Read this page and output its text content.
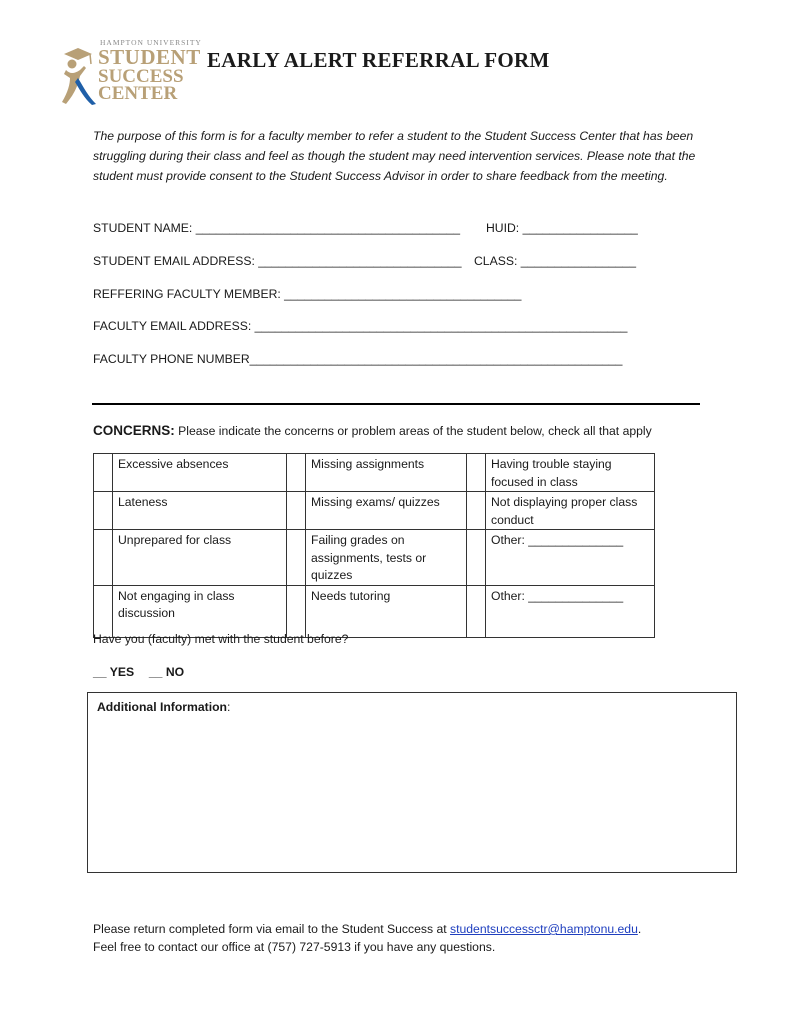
HAMPTON UNIVERSITY
STUDENT
SUCCESS
CENTER
EARLY ALERT REFERRAL FORM
The purpose of this form is for a faculty member to refer a student to the Student Success Center that has been struggling during their class and feel as though the student may need intervention services. Please note that the student must provide consent to the Student Success Advisor in order to share feedback from the meeting.
STUDENT NAME: _______________________________________ HUID: _________________
STUDENT EMAIL ADDRESS: ______________________________ CLASS: _________________
REFFERING FACULTY MEMBER: ___________________________________
FACULTY EMAIL ADDRESS: _______________________________________________________
FACULTY PHONE NUMBER_______________________________________________________
CONCERNS: Please indicate the concerns or problem areas of the student below, check all that apply
	Excessive absences		Missing assignments		Having trouble staying focused in class
	Lateness		Missing exams/ quizzes		Not displaying proper class conduct
	Unprepared for class		Failing grades on assignments, tests or quizzes		Other: ______________
	Not engaging in class discussion		Needs tutoring		Other: ______________
Have you (faculty) met with the student before?
__ YES __ NO
Additional Information:
Please return completed form via email to the Student Success at studentsuccessctr@hamptonu.edu.
Feel free to contact our office at (757) 727-5913 if you have any questions.
